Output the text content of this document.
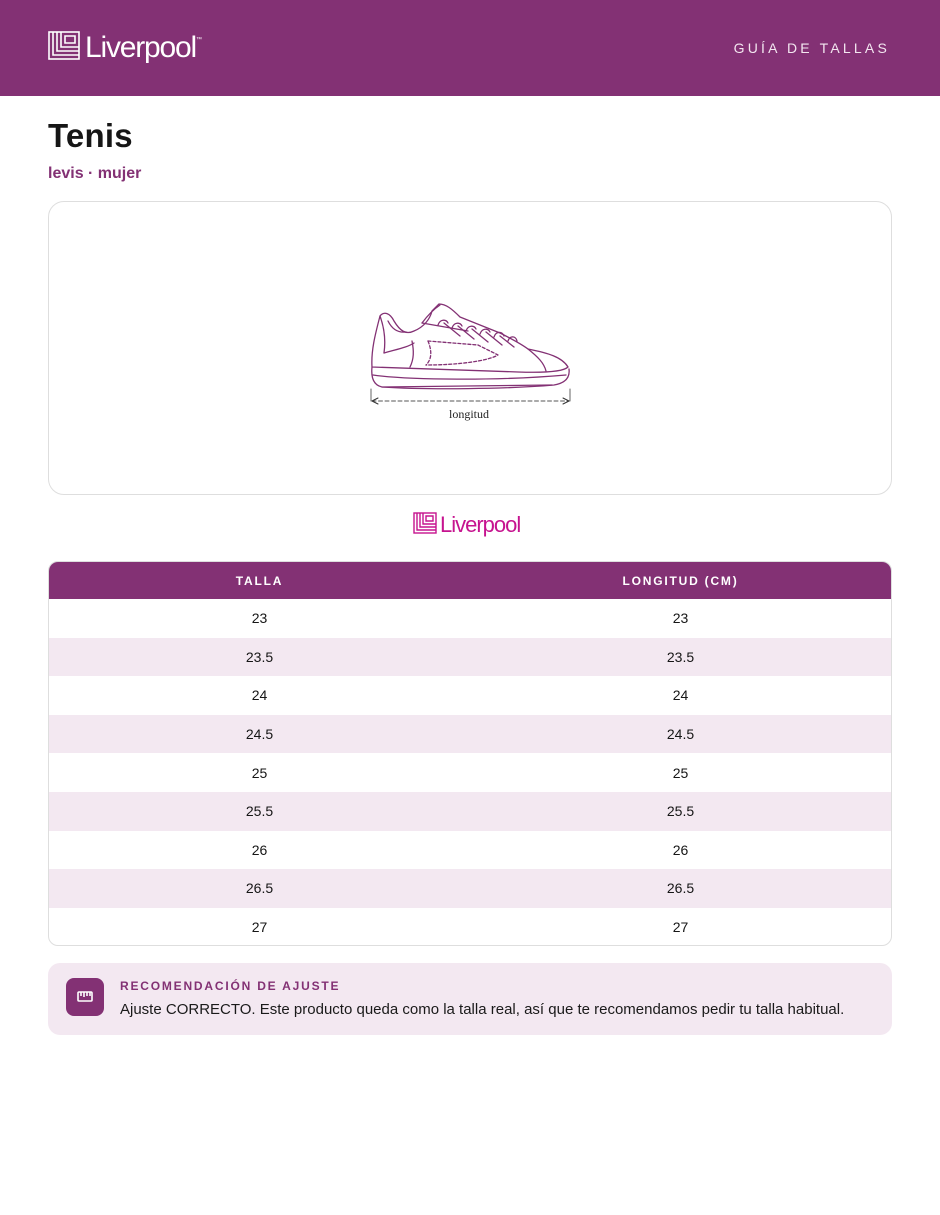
Liverpool ™	GUÍA DE TALLAS
Tenis
levis · mujer
longitud
Liverpool
TALLA	LONGITUD (CM)
23	23
23.5	23.5
24	24
24.5	24.5
25	25
25.5	25.5
26	26
26.5	26.5
27	27
RECOMENDACIÓN DE AJUSTE
Ajuste CORRECTO. Este producto queda como la talla real, así que te recomendamos pedir tu talla habitual.
